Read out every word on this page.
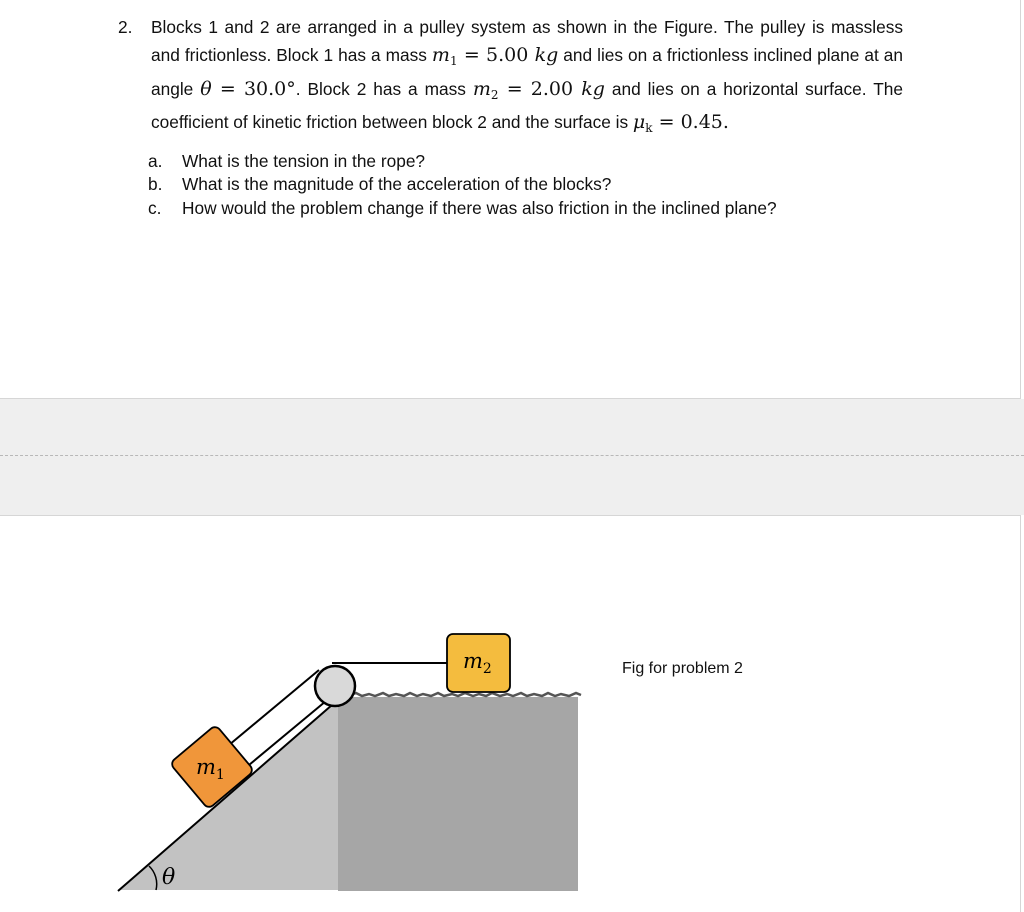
2. Blocks 1 and 2 are arranged in a pulley system as shown in the Figure. The pulley is massless and frictionless. Block 1 has a mass $m_1 = 5.00$ kg and lies on a frictionless inclined plane at an angle θ = 30.0°. Block 2 has a mass $m_2 = 2.00$ kg and lies on a horizontal surface. The coefficient of kinetic friction between block 2 and the surface is $\mu_k = 0.45$.
a.	What is the tension in the rope?
b.	What is the magnitude of the acceleration of the blocks?
c.	How would the problem change if there was also friction in the inclined plane?
$m_2$
$m_1$
θ
Fig for problem 2
